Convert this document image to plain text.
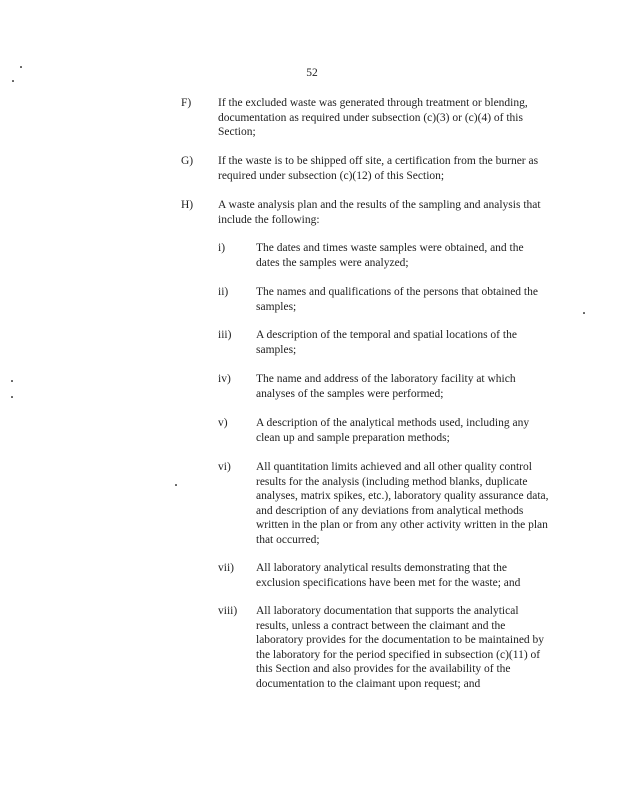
52
F) If the excluded waste was generated through treatment or blending, documentation as required under subsection (c)(3) or (c)(4) of this Section;
G) If the waste is to be shipped off site, a certification from the burner as required under subsection (c)(12) of this Section;
H) A waste analysis plan and the results of the sampling and analysis that include the following:
i)	The dates and times waste samples were obtained, and the dates the samples were analyzed;
ii) The names and qualifications of the persons that obtained the samples;
iii) A description of the temporal and spatial locations of the samples;
iv) The name and address of the laboratory facility at which analyses of the samples were performed;
v) A description of the analytical methods used, including any clean up and sample preparation methods;
vi) All quantitation limits achieved and all other quality control results for the analysis (including method blanks, duplicate analyses, matrix spikes, etc.), laboratory quality assurance data, and description of any deviations from analytical methods written in the plan or from any other activity written in the plan that occurred;
vii) All laboratory analytical results demonstrating that the exclusion specifications have been met for the waste; and
viii) All laboratory documentation that supports the analytical results, unless a contract between the claimant and the laboratory provides for the documentation to be maintained by the laboratory for the period specified in subsection (c)(11) of this Section and also provides for the availability of the documentation to the claimant upon request; and
